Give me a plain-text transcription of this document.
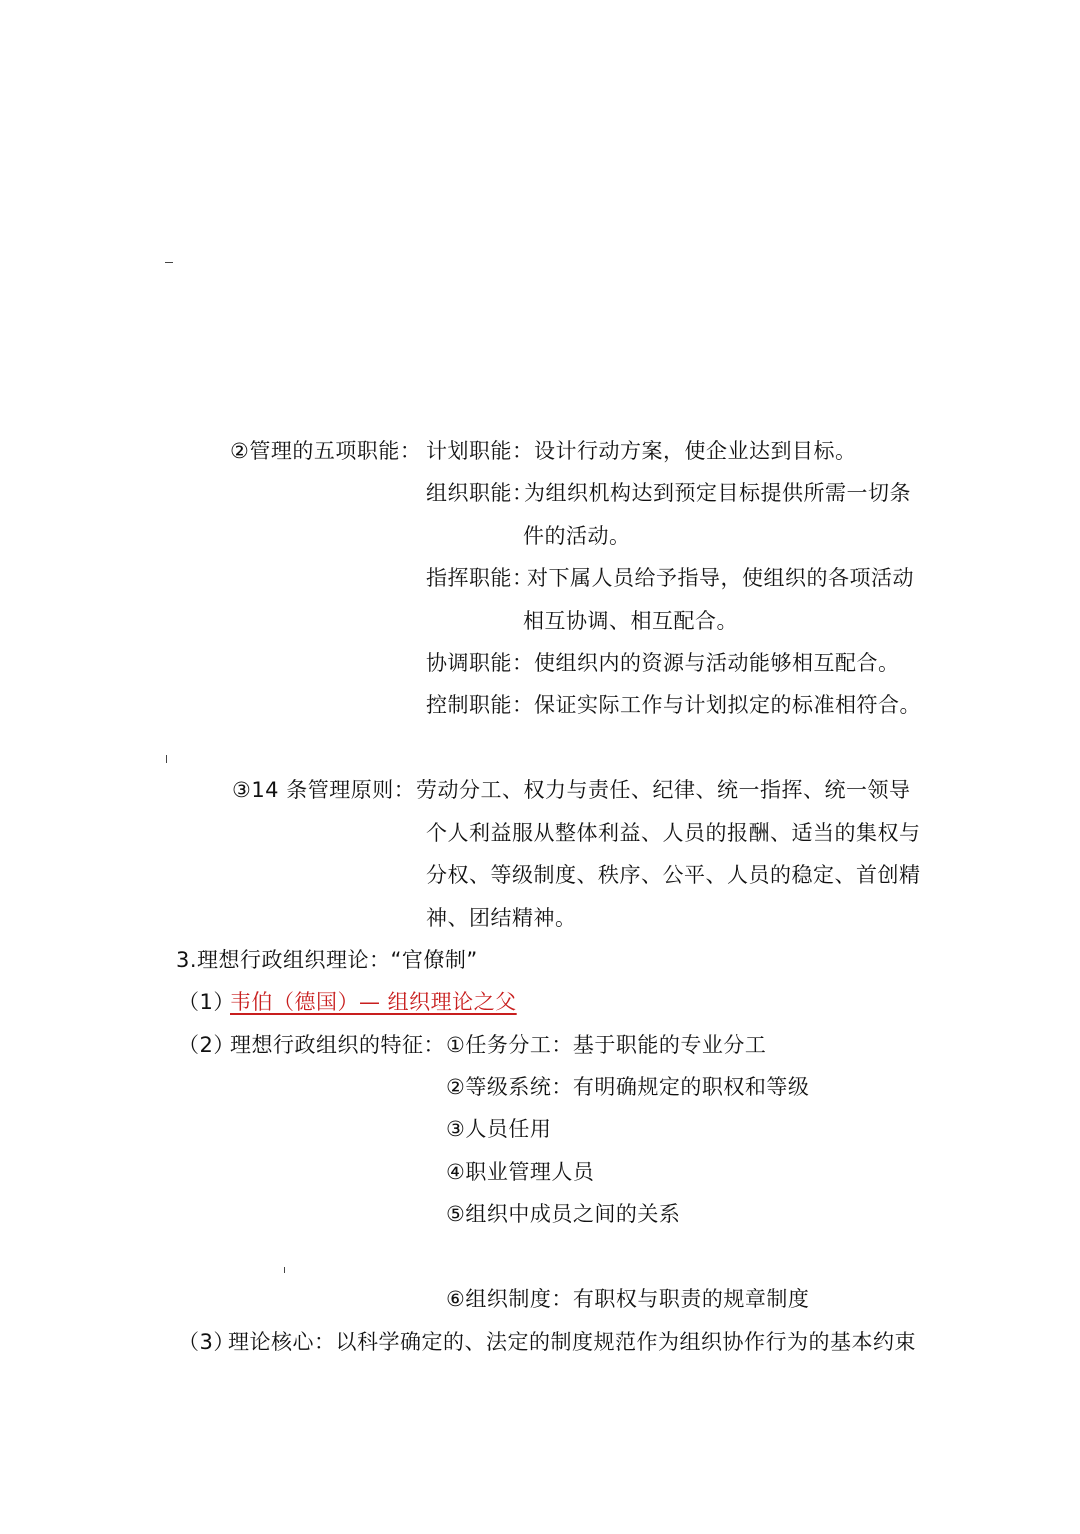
②管理的五项职能： 计划职能： 设计行动方案，使企业达到目标。
组织职能：
为组织机构达到预定目标提供所需一切条
件的活动。
指挥职能：
对下属人员给予指导，使组织的各项活动
相互协调、相互配合。
协调职能： 使组织内的资源与活动能够相互配合。
控制职能： 保证实际工作与计划拟定的标准相符合。
③14 条管理原则： 劳动分工、权力与责任、纪律、统一指挥、统一领导
个人利益服从整体利益、人员的报酬、适当的集权与
分权、等级制度、秩序、公平、人员的稳定、首创精
神、团结精神。
3.理想行政组织理论：“官僚制”
（1）
韦伯（德国）— 组织理论之父
（2）
理想行政组织的特征： ①任务分工：基于职能的专业分工
②等级系统：有明确规定的职权和等级
③人员任用
④职业管理人员
⑤组织中成员之间的关系
⑥组织制度：有职权与职责的规章制度
（3）
理论核心：以科学确定的、法定的制度规范作为组织协作行为的基本约束
